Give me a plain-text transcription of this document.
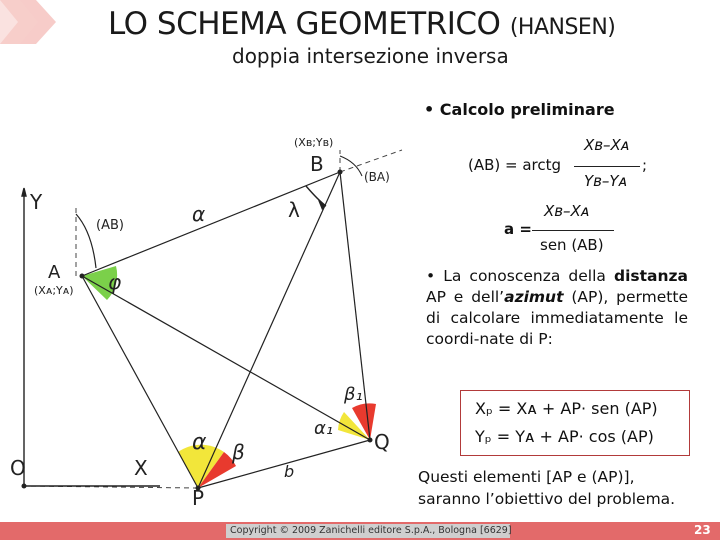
LO SCHEMA GEOMETRICO (HANSEN)
doppia intersezione inversa
(Xʙ;Yʙ)
B
(BA)
Y
(AB)	α	λ
A
(Xᴀ;Yᴀ) φ
β₁
α₁
Q
α β
O	X	b
P
• Calcolo preliminare
(AB) = arctg
Xʙ–Xᴀ
Yʙ–Yᴀ
;
a =
Xʙ–Xᴀ
sen (AB)
• La conoscenza della distanza AP e dell’azimut (AP), permette di calcolare immediatamente le coordi-nate di P:
Xₚ = Xᴀ + AP· sen (AP)
Yₚ = Yᴀ + AP· cos (AP)
Questi elementi [AP e (AP)],
saranno l’obiettivo del problema.
Copyright © 2009 Zanichelli editore S.p.A., Bologna [6629]	23
